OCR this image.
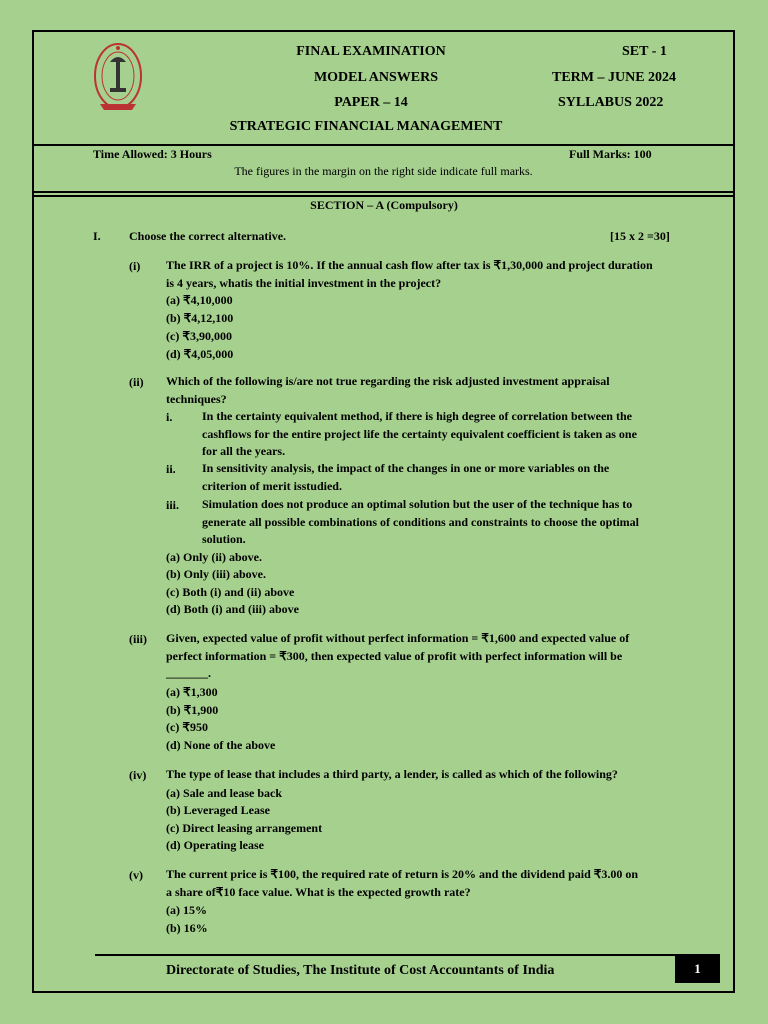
FINAL EXAMINATION
MODEL ANSWERS
PAPER – 14
STRATEGIC FINANCIAL MANAGEMENT
SET - 1
TERM – JUNE 2024
SYLLABUS 2022
Time Allowed: 3 Hours	Full Marks: 100
The figures in the margin on the right side indicate full marks.
SECTION – A (Compulsory)
I. Choose the correct alternative.	[15 x 2 =30]
(i) The IRR of a project is 10%. If the annual cash flow after tax is ₹1,30,000 and project duration
is 4 years, whatis the initial investment in the project?
(a) ₹4,10,000
(b) ₹4,12,100
(c) ₹3,90,000
(d) ₹4,05,000
(ii) Which of the following is/are not true regarding the risk adjusted investment appraisal
techniques?
i. In the certainty equivalent method, if there is high degree of correlation between the
cashflows for the entire project life the certainty equivalent coefficient is taken as one
for all the years.
ii. In sensitivity analysis, the impact of the changes in one or more variables on the
criterion of merit isstudied.
iii. Simulation does not produce an optimal solution but the user of the technique has to
generate all possible combinations of conditions and constraints to choose the optimal
solution.
(a) Only (ii) above.
(b) Only (iii) above.
(c) Both (i) and (ii) above
(d) Both (i) and (iii) above
(iii) Given, expected value of profit without perfect information = ₹1,600 and expected value of
perfect information = ₹300, then expected value of profit with perfect information will be
_______.
(a) ₹1,300
(b) ₹1,900
(c) ₹950
(d) None of the above
(iv) The type of lease that includes a third party, a lender, is called as which of the following?
(a) Sale and lease back
(b) Leveraged Lease
(c) Direct leasing arrangement
(d) Operating lease
(v) The current price is ₹100, the required rate of return is 20% and the dividend paid ₹3.00 on
a share of₹10 face value. What is the expected growth rate?
(a) 15%
(b) 16%
Directorate of Studies, The Institute of Cost Accountants of India	1
